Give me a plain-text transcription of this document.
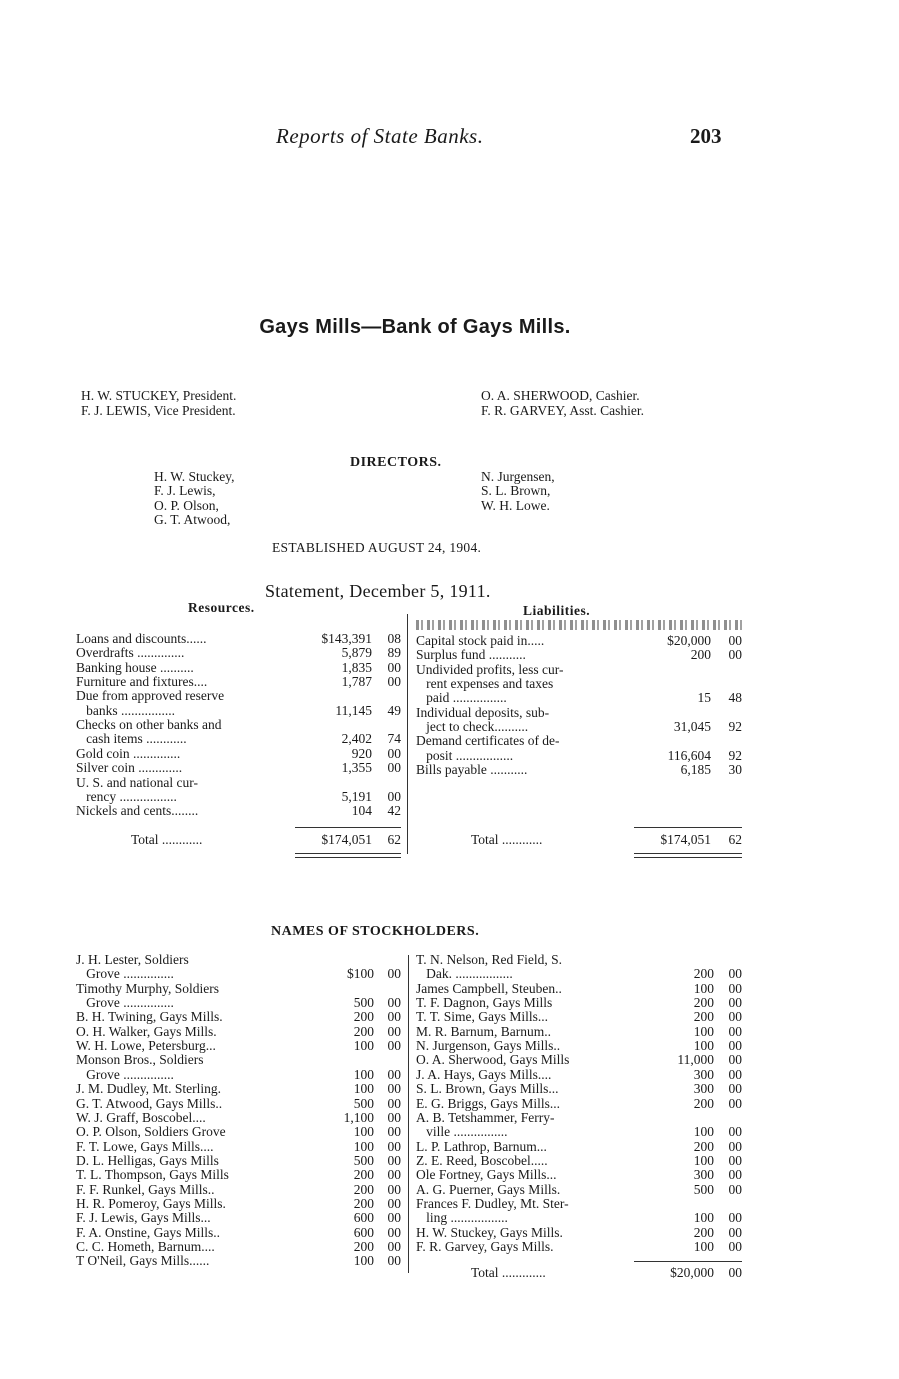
Reports of State Banks.	203
Gays Mills—Bank of Gays Mills.
H. W. STUCKEY, President.
F. J. LEWIS, Vice President.
O. A. SHERWOOD, Cashier.
F. R. GARVEY, Asst. Cashier.
DIRECTORS.
H. W. Stuckey,
F. J. Lewis,
O. P. Olson,
G. T. Atwood,
N. Jurgensen,
S. L. Brown,
W. H. Lowe.
ESTABLISHED AUGUST 24, 1904.
Statement, December 5, 1911.
Resources.	Liabilities.
Loans and discounts......	$143,391 08
Overdrafts ..............	5,879 89
Banking house ..........	1,835 00
Furniture and fixtures....	1,787 00
Due from approved reserve
banks ................	11,145 49
Checks on other banks and
cash items ............	2,402 74
Gold coin ..............	920 00
Silver coin .............	1,355 00
U. S. and national cur-
rency .................	5,191 00
Nickels and cents........	104 42
Capital stock paid in.....	$20,000 00
Surplus fund ...........	200 00
Undivided profits, less cur-
rent expenses and taxes
paid ................	15 48
Individual deposits, sub-
ject to check..........	31,045 92
Demand certificates of de-
posit .................	116,604 92
Bills payable ...........	6,185 30
Total ............	$174,051 62	Total ............	$174,051 62
NAMES OF STOCKHOLDERS.
J. H. Lester, Soldiers
Grove ...............	$100 00
Timothy Murphy, Soldiers
Grove ...............	500 00
B. H. Twining, Gays Mills.	200 00
O. H. Walker, Gays Mills.	200 00
W. H. Lowe, Petersburg...	100 00
Monson Bros., Soldiers
Grove ...............	100 00
J. M. Dudley, Mt. Sterling.	100 00
G. T. Atwood, Gays Mills..	500 00
W. J. Graff, Boscobel....	1,100 00
O. P. Olson, Soldiers Grove	100 00
F. T. Lowe, Gays Mills....	100 00
D. L. Helligas, Gays Mills	500 00
T. L. Thompson, Gays Mills	200 00
F. F. Runkel, Gays Mills..	200 00
H. R. Pomeroy, Gays Mills.	200 00
F. J. Lewis, Gays Mills...	600 00
F. A. Onstine, Gays Mills..	600 00
C. C. Hometh, Barnum....	200 00
T O'Neil, Gays Mills......	100 00
T. N. Nelson, Red Field, S.
Dak. .................	200 00
James Campbell, Steuben..	100 00
T. F. Dagnon, Gays Mills	200 00
T. T. Sime, Gays Mills...	200 00
M. R. Barnum, Barnum..	100 00
N. Jurgenson, Gays Mills..	100 00
O. A. Sherwood, Gays Mills	11,000 00
J. A. Hays, Gays Mills....	300 00
S. L. Brown, Gays Mills...	300 00
E. G. Briggs, Gays Mills...	200 00
A. B. Tetshammer, Ferry-
ville ................	100 00
L. P. Lathrop, Barnum...	200 00
Z. E. Reed, Boscobel.....	100 00
Ole Fortney, Gays Mills...	300 00
A. G. Puerner, Gays Mills.	500 00
Frances F. Dudley, Mt. Ster-
ling .................	100 00
H. W. Stuckey, Gays Mills.	200 00
F. R. Garvey, Gays Mills.	100 00
Total .............	$20,000 00
